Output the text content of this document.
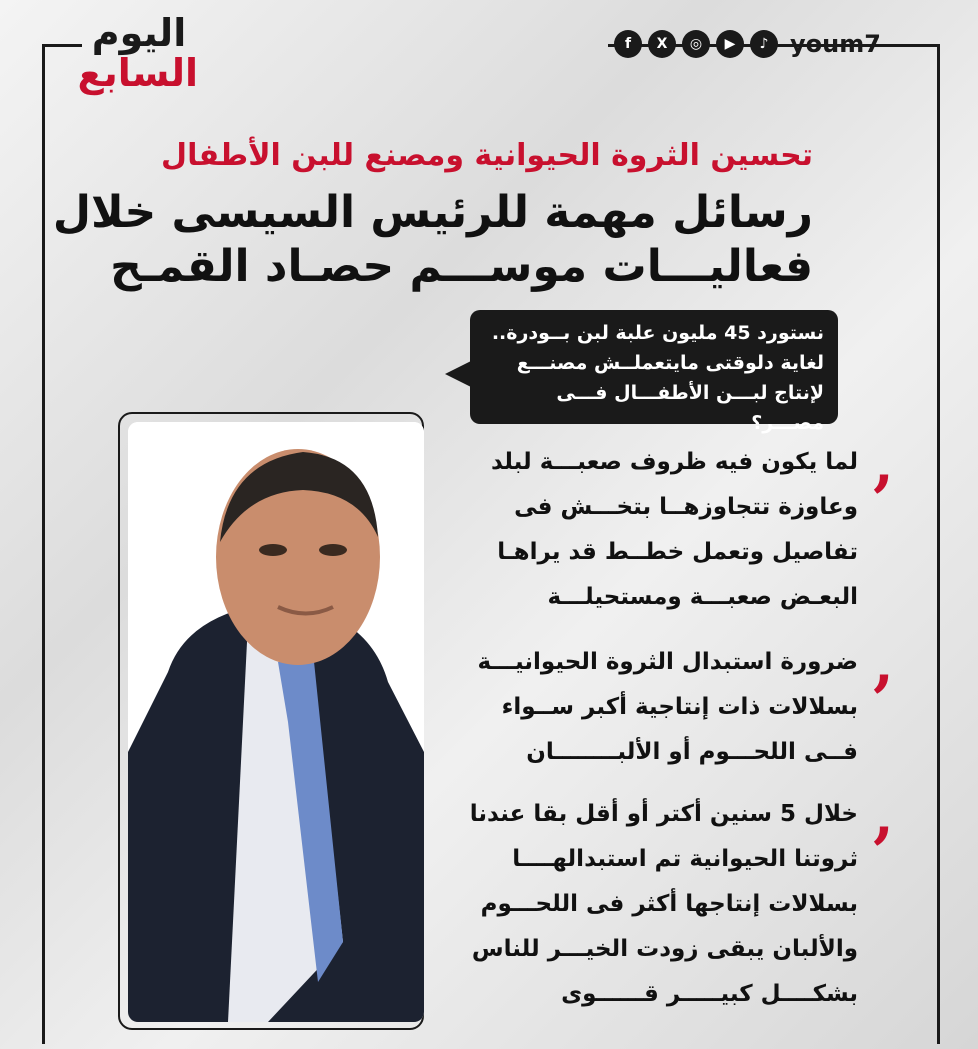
اليوم
السابع
f	X	◎	▶	♪ youm7
تحسين الثروة الحيوانية ومصنع للبن الأطفال
رسائل مهمة للرئيس السيسى خلال
فعاليـــات موســـم حصـاد القمـح
نستورد 45 مليون علبة لبن بــودرة..
لغاية دلوقتى مايتعملــش مصنـــع
لإنتاج لبـــن الأطفـــال فـــى مصـــر؟
,
لما يكون فيه ظروف صعبـــة لبلد
وعاوزة تتجاوزهــا بتخـــش فى
تفاصيل وتعمل خطــط قد يراهـا
البعـض صعبـــة ومستحيلـــة
,
ضرورة استبدال الثروة الحيوانيـــة
بسلالات ذات إنتاجية أكبر ســواء
فــى اللحـــوم أو الألبــــــــان
,
خلال 5 سنين أكتر أو أقل بقا عندنا
ثروتنا الحيوانية تم استبدالهــــا
بسلالات إنتاجها أكثر فى اللحـــوم
والألبان يبقى زودت الخيـــر للناس
بشكــــل كبيـــــر قــــــوى
